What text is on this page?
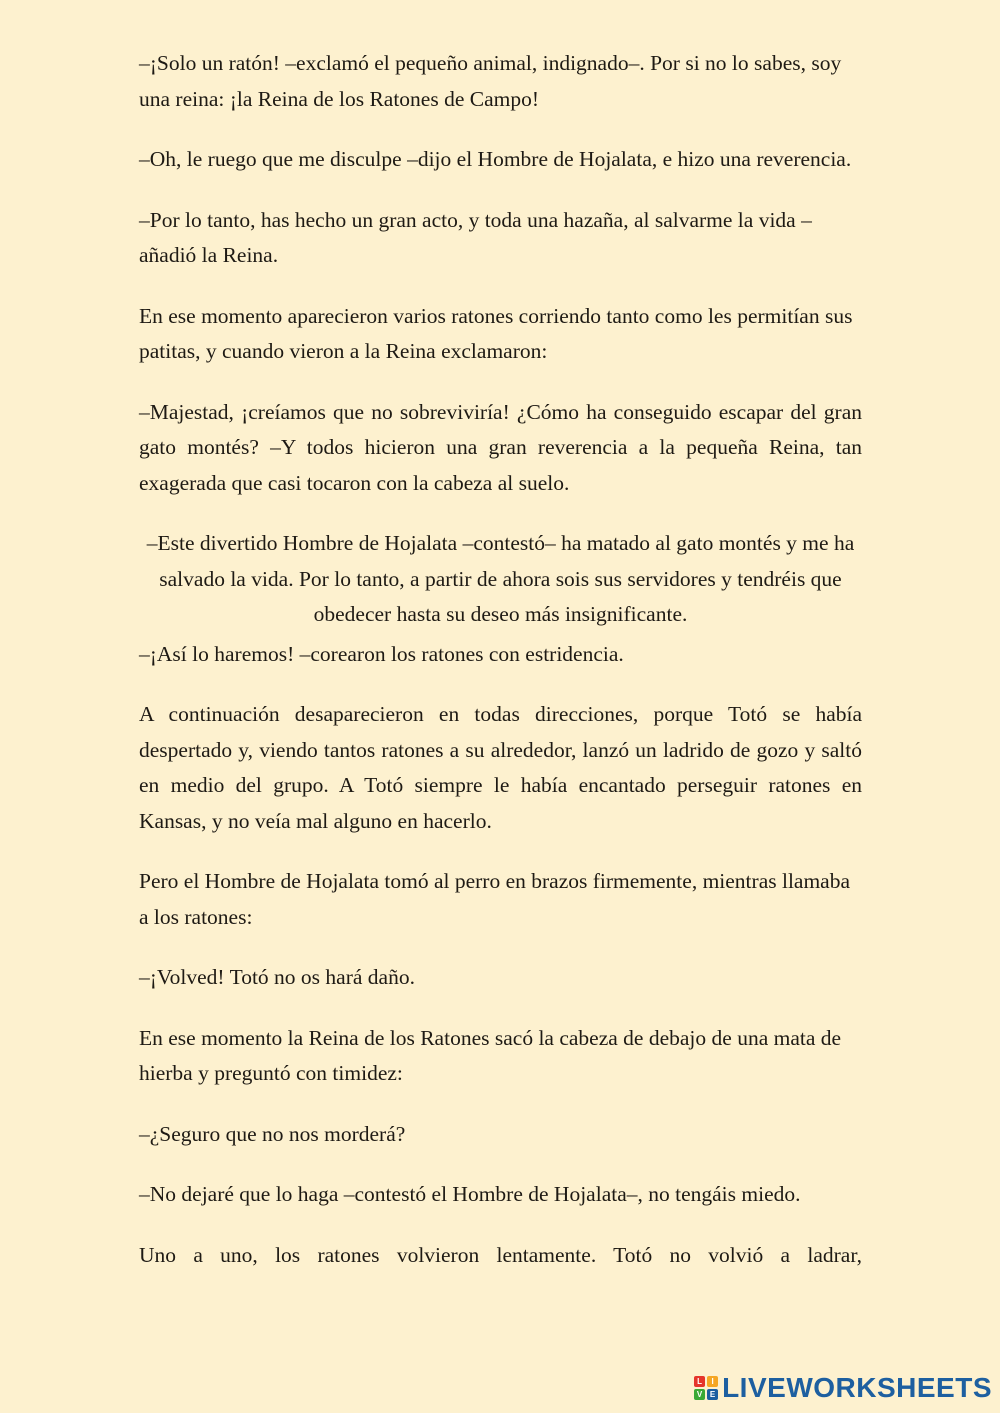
–¡Solo un ratón! –exclamó el pequeño animal, indignado–. Por si no lo sabes, soy una reina: ¡la Reina de los Ratones de Campo!

–Oh, le ruego que me disculpe –dijo el Hombre de Hojalata, e hizo una reverencia.

–Por lo tanto, has hecho un gran acto, y toda una hazaña, al salvarme la vida –añadió la Reina.

En ese momento aparecieron varios ratones corriendo tanto como les permitían sus patitas, y cuando vieron a la Reina exclamaron:

–Majestad, ¡creíamos que no sobreviviría! ¿Cómo ha conseguido escapar del gran gato montés? –Y todos hicieron una gran reverencia a la pequeña Reina, tan exagerada que casi tocaron con la cabeza al suelo.

–Este divertido Hombre de Hojalata –contestó– ha matado al gato montés y me ha salvado la vida. Por lo tanto, a partir de ahora sois sus servidores y tendréis que obedecer hasta su deseo más insignificante.

–¡Así lo haremos! –corearon los ratones con estridencia.

A continuación desaparecieron en todas direcciones, porque Totó se había despertado y, viendo tantos ratones a su alrededor, lanzó un ladrido de gozo y saltó en medio del grupo. A Totó siempre le había encantado perseguir ratones en Kansas, y no veía mal alguno en hacerlo.

Pero el Hombre de Hojalata tomó al perro en brazos firmemente, mientras llamaba a los ratones:

–¡Volved! Totó no os hará daño.

En ese momento la Reina de los Ratones sacó la cabeza de debajo de una mata de hierba y preguntó con timidez:

–¿Seguro que no nos morderá?

–No dejaré que lo haga –contestó el Hombre de Hojalata–, no tengáis miedo.

Uno a uno, los ratones volvieron lentamente. Totó no volvió a ladrar,

L	I
V E LIVEWORKSHEETS
